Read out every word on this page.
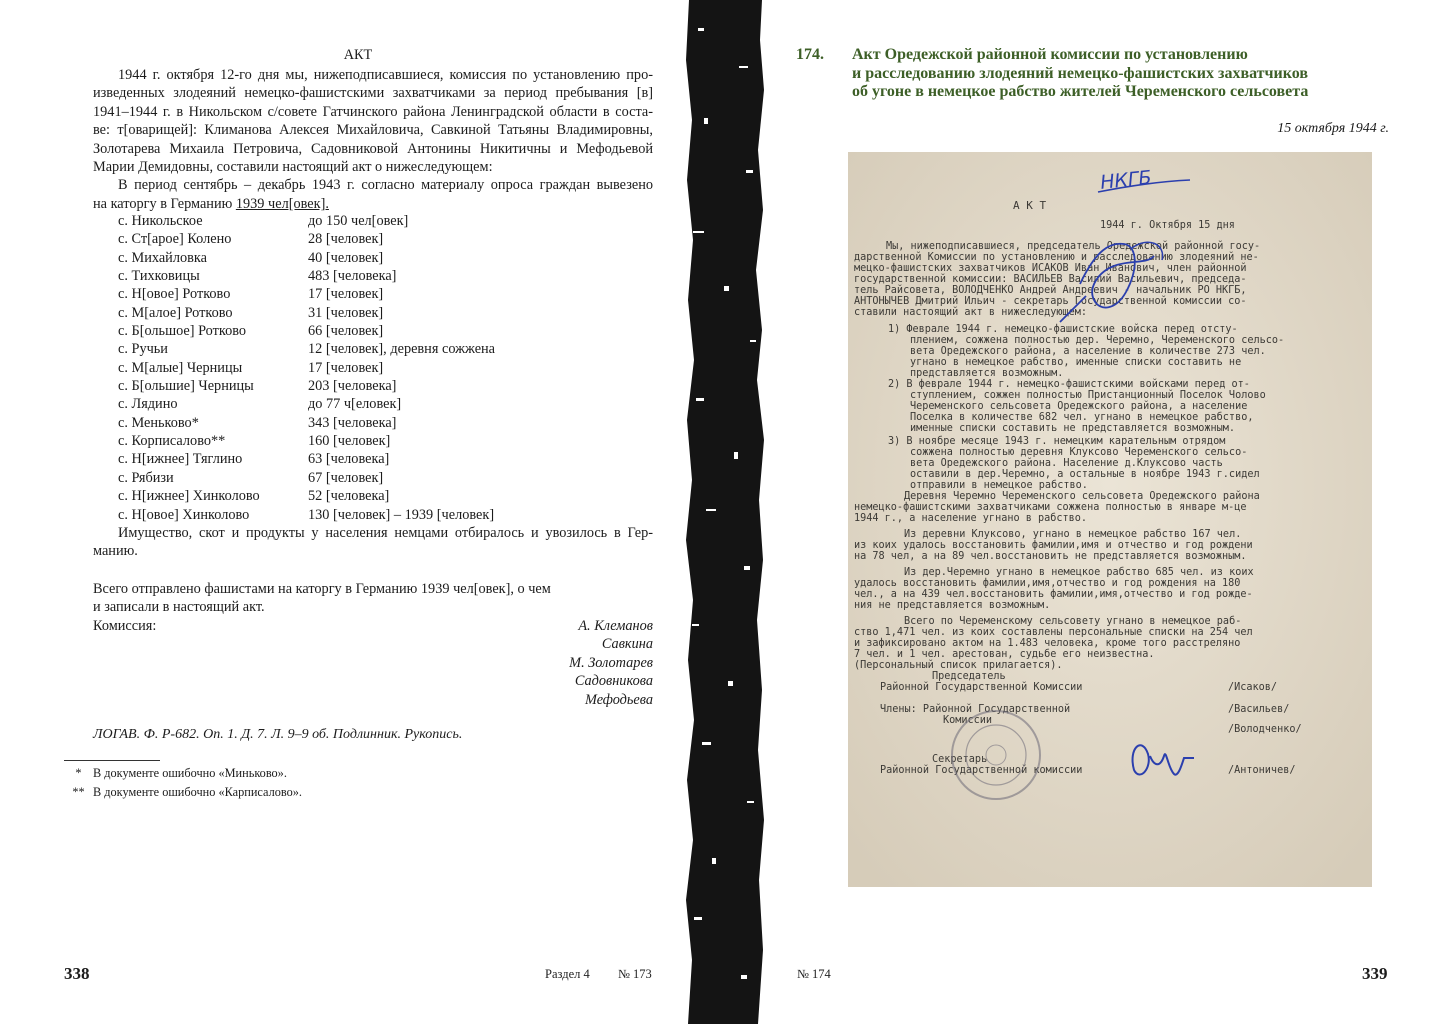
АКТ
1944 г. октября 12-го дня мы, нижеподписавшиеся, комиссия по установлению про-
изведенных злодеяний немецко-фашистскими захватчиками за период пребывания [в]
1941–1944 г. в Никольском с/совете Гатчинского района Ленинградской области в соста-
ве: т[оварищей]: Климанова Алексея Михайловича, Савкиной Татьяны Владимировны,
Золотарева Михаила Петровича, Садовниковой Антонины Никитичны и Мефодьевой
Марии Демидовны, составили настоящий акт о нижеследующем:
В период сентябрь – декабрь 1943 г. согласно материалу опроса граждан вывезено
на каторгу в Германию 1939 чел[овек].
с. Никольское	до 150 чел[овек]
с. Ст[арое] Колено	28 [человек]
с. Михайловка	40 [человек]
с. Тихковицы	483 [человека]
с. Н[овое] Ротково	17 [человек]
с. М[алое] Ротково	31 [человек]
с. Б[ольшое] Ротково	66 [человек]
с. Ручьи	12 [человек], деревня сожжена
с. М[алые] Черницы	17 [человек]
с. Б[ольшие] Черницы	203 [человека]
с. Лядино	до 77 ч[еловек]
с. Меньково*	343 [человека]
с. Корписалово**	160 [человек]
с. Н[ижнее] Тяглино	63 [человека]
с. Рябизи	67 [человек]
с. Н[ижнее] Хинколово	52 [человека]
с. Н[овое] Хинколово	130 [человек] – 1939 [человек]
Имущество, скот и продукты у населения немцами отбиралось и увозилось в Гер-
манию.
Всего отправлено фашистами на каторгу в Германию 1939 чел[овек], о чем
и записали в настоящий акт.
Комиссия:	А. Клеманов
Савкина
М. Золотарев
Садовникова
Мефодьева
ЛОГАВ. Ф. Р-682. Оп. 1. Д. 7. Л. 9–9 об. Подлинник. Рукопись.
* В документе ошибочно «Миньково».
** В документе ошибочно «Карписалово».
338	Раздел 4 № 173
174. Акт Оредежской районной комиссии по установлению
и расследованию злодеяний немецко-фашистских захватчиков
об угоне в немецкое рабство жителей Череменского сельсовета
15 октября 1944 г.
НКГБ
А К Т
1944 г. Октября 15 дня
Мы, нижеподписавшиеся, председатель Оредежской районной госу-
дарственной Комиссии по установлению и расследованию злодеяний не-
мецко-фашистских захватчиков ИСАКОВ Иван Иванович, член районной
государственной комиссии: ВАСИЛЬЕВ Василий Васильевич, председа-
тель Райсовета, ВОЛОДЧЕНКО Андрей Андреевич - начальник РО НКГБ,
АНТОНЫЧЕВ Дмитрий Ильич - секретарь Государственной комиссии со-
ставили настоящий акт в нижеследующем:
1) Феврале 1944 г. немецко-фашистские войска перед отсту-
плением, сожжена полностью дер. Черемно, Череменского сельсо-
вета Оредежского района, а население в количестве 273 чел.
угнано в немецкое рабство, именные списки составить не
представляется возможным.
2) В феврале 1944 г. немецко-фашистскими войсками перед от-
ступлением, сожжен полностью Пристанционный Поселок Чолово
Череменского сельсовета Оредежского района, а население
Поселка в количестве 682 чел. угнано в немецкое рабство,
именные списки составить не представляется возможным.
3) В ноябре месяце 1943 г. немецким карательным отрядом
сожжена полностью деревня Клуксово Череменского сельсо-
вета Оредежского района. Население д.Клуксово часть
оставили в дер.Черемно, а остальные в ноябре 1943 г.сидел
отправили в немецкое рабство.
Деревня Черемно Череменского сельсовета Оредежского района
немецко-фашистскими захватчиками сожжена полностью в январе м-це
1944 г., а население угнано в рабство.
Из деревни Клуксово, угнано в немецкое рабство 167 чел.
из коих удалось восстановить фамилии,имя и отчество и год рождени
на 78 чел, а на 89 чел.восстановить не представляется возможным.
Из дер.Черемно угнано в немецкое рабство 685 чел. из коих
удалось восстановить фамилии,имя,отчество и год рождения на 180
чел., а на 439 чел.восстановить фамилии,имя,отчество и год рожде-
ния не представляется возможным.
Всего по Череменскому сельсовету угнано в немецкое раб-
ство 1,471 чел. из коих составлены персональные списки на 254 чел
и зафиксировано актом на 1.483 человека, кроме того расстреляно
7 чел. и 1 чел. арестован, судьбе его неизвестна.
(Персональный список прилагается).
Председатель
Районной Государственной Комиссии	/Исаков/
Члены: Районной Государственной
Комиссии
/Васильев/
/Володченко/
Секретарь
Районной Государственной комиссии	/Антоничев/
№ 174	339
